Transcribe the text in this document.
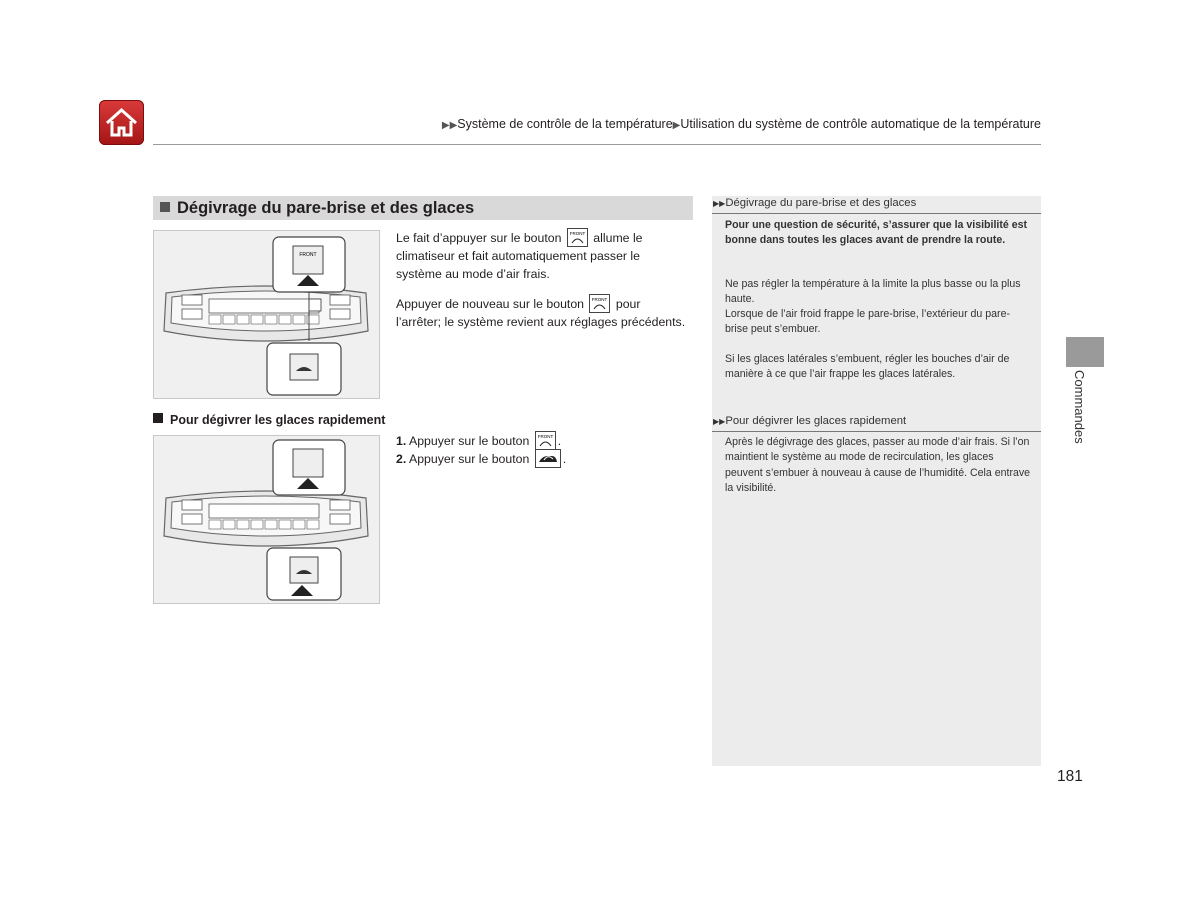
▶▶Système de contrôle de la température▶Utilisation du système de contrôle automatique de la température
Dégivrage du pare-brise et des glaces
FRONT
Le fait d’appuyer sur le bouton FRONT allume le
climatiseur et fait automatiquement passer le
système au mode d’air frais.
Appuyer de nouveau sur le bouton FRONT pour
l’arrêter; le système revient aux réglages précédents.
Pour dégivrer les glaces rapidement
1. Appuyer sur le bouton FRONT .
2. Appuyer sur le bouton	.
▶▶Dégivrage du pare-brise et des glaces
Pour une question de sécurité, s’assurer que la visibilité est bonne dans toutes les glaces avant de prendre la route.
Ne pas régler la température à la limite la plus basse ou la plus haute.
Lorsque de l’air froid frappe le pare-brise, l’extérieur du pare-brise peut s’embuer.
Si les glaces latérales s’embuent, régler les bouches d’air de manière à ce que l’air frappe les glaces latérales.
▶▶Pour dégivrer les glaces rapidement
Après le dégivrage des glaces, passer au mode d’air frais. Si l’on maintient le système au mode de recirculation, les glaces peuvent s’embuer à nouveau à cause de l’humidité. Cela entrave la visibilité.
Commandes
181
